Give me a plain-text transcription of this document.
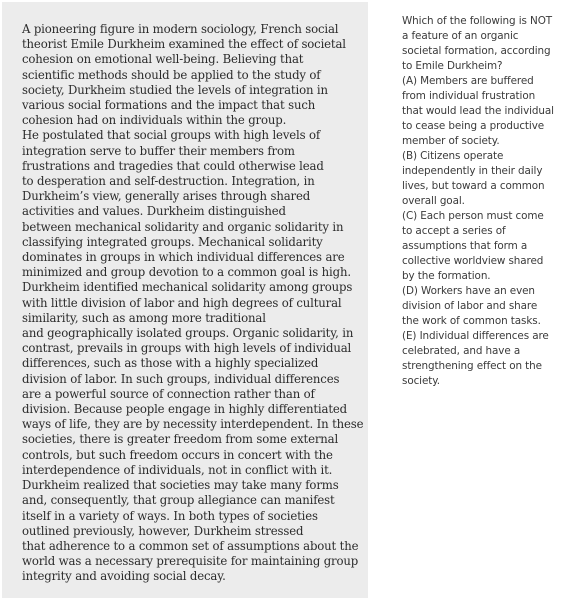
A pioneering figure in modern sociology, French social
theorist Emile Durkheim examined the effect of societal
cohesion on emotional well-being. Believing that
scientific methods should be applied to the study of
society, Durkheim studied the levels of integration in
various social formations and the impact that such
cohesion had on individuals within the group.
He postulated that social groups with high levels of
integration serve to buffer their members from
frustrations and tragedies that could otherwise lead
to desperation and self-destruction. Integration, in
Durkheim’s view, generally arises through shared
activities and values. Durkheim distinguished
between mechanical solidarity and organic solidarity in
classifying integrated groups. Mechanical solidarity
dominates in groups in which individual differences are
minimized and group devotion to a common goal is high.
Durkheim identified mechanical solidarity among groups
with little division of labor and high degrees of cultural
similarity, such as among more traditional
and geographically isolated groups. Organic solidarity, in
contrast, prevails in groups with high levels of individual
differences, such as those with a highly specialized
division of labor. In such groups, individual differences
are a powerful source of connection rather than of
division. Because people engage in highly differentiated
ways of life, they are by necessity interdependent. In these
societies, there is greater freedom from some external
controls, but such freedom occurs in concert with the
interdependence of individuals, not in conflict with it.
Durkheim realized that societies may take many forms
and, consequently, that group allegiance can manifest
itself in a variety of ways. In both types of societies
outlined previously, however, Durkheim stressed
that adherence to a common set of assumptions about the
world was a necessary prerequisite for maintaining group
integrity and avoiding social decay.
Which of the following is NOT
a feature of an organic
societal formation, according
to Emile Durkheim?
(A) Members are buffered
from individual frustration
that would lead the individual
to cease being a productive
member of society.
(B) Citizens operate
independently in their daily
lives, but toward a common
overall goal.
(C) Each person must come
to accept a series of
assumptions that form a
collective worldview shared
by the formation.
(D) Workers have an even
division of labor and share
the work of common tasks.
(E) Individual differences are
celebrated, and have a
strengthening effect on the
society.
